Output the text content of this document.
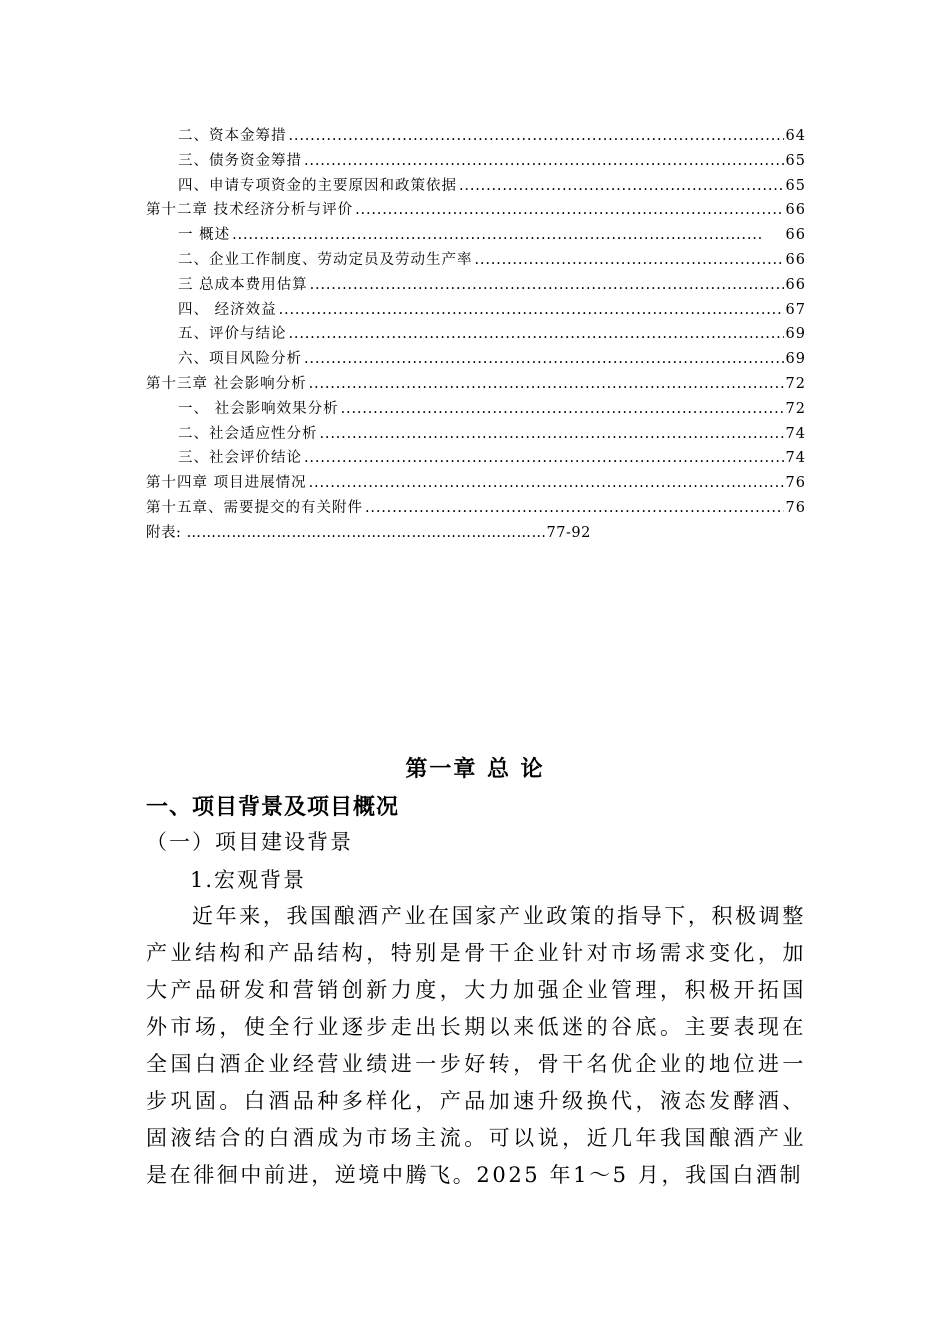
二、资本金筹措 . . .	64
三、债务资金筹措 . . .	65
四、申请专项资金的主要原因和政策依据 . . .	65
第十二章 技术经济分析与评价 . . .	66
一 概述 . . .	66
二、企业工作制度、劳动定员及劳动生产率 . . .	66
三 总成本费用估算 . . .	66
四、 经济效益 . . .	67
五、评价与结论 . . .	69
六、项目风险分析 . . .	69
第十三章 社会影响分析 . . .	72
一、 社会影响效果分析 . . .	72
二、社会适应性分析 . . .	74
三、社会评价结论 . . .	74
第十四章 项目进展情况 . . .	76
第十五章、需要提交的有关附件 . . .	76
附表: ………………………………………………………………77-92
第一章 总 论
一、项目背景及项目概况
（一）项目建设背景
1.宏观背景

近年来，我国酿酒产业在国家产业政策的指导下，积极调整产业结构和产品结构，特别是骨干企业针对市场需求变化，加大产品研发和营销创新力度，大力加强企业管理，积极开拓国外市场，使全行业逐步走出长期以来低迷的谷底。主要表现在全国白酒企业经营业绩进一步好转，骨干名优企业的地位进一步巩固。白酒品种多样化，产品加速升级换代，液态发酵酒、固液结合的白酒成为市场主流。可以说，近几年我国酿酒产业是在徘徊中前进，逆境中腾飞。2025 年1～5 月，我国白酒制
